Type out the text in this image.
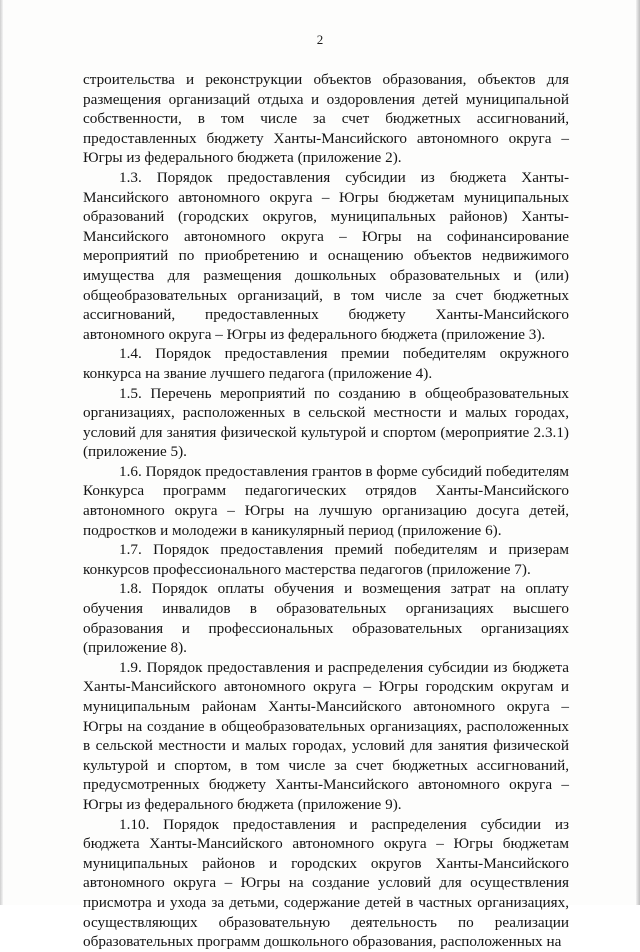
2

строительства и реконструкции объектов образования, объектов для размещения организаций отдыха и оздоровления детей муниципальной собственности, в том числе за счет бюджетных ассигнований, предоставленных бюджету Ханты-Мансийского автономного округа – Югры из федерального бюджета (приложение 2).

1.3. Порядок предоставления субсидии из бюджета Ханты-Мансийского автономного округа – Югры бюджетам муниципальных образований (городских округов, муниципальных районов) Ханты-Мансийского автономного округа – Югры на софинансирование мероприятий по приобретению и оснащению объектов недвижимого имущества для размещения дошкольных образовательных и (или) общеобразовательных организаций, в том числе за счет бюджетных ассигнований, предоставленных бюджету Ханты-Мансийского автономного округа – Югры из федерального бюджета (приложение 3).

1.4. Порядок предоставления премии победителям окружного конкурса на звание лучшего педагога (приложение 4).

1.5. Перечень мероприятий по созданию в общеобразовательных организациях, расположенных в сельской местности и малых городах, условий для занятия физической культурой и спортом (мероприятие 2.3.1) (приложение 5).

1.6. Порядок предоставления грантов в форме субсидий победителям Конкурса программ педагогических отрядов Ханты-Мансийского автономного округа – Югры на лучшую организацию досуга детей, подростков и молодежи в каникулярный период (приложение 6).

1.7. Порядок предоставления премий победителям и призерам конкурсов профессионального мастерства педагогов (приложение 7).

1.8. Порядок оплаты обучения и возмещения затрат на оплату обучения инвалидов в образовательных организациях высшего образования и профессиональных образовательных организациях (приложение 8).

1.9. Порядок предоставления и распределения субсидии из бюджета Ханты-Мансийского автономного округа – Югры городским округам и муниципальным районам Ханты-Мансийского автономного округа – Югры на создание в общеобразовательных организациях, расположенных в сельской местности и малых городах, условий для занятия физической культурой и спортом, в том числе за счет бюджетных ассигнований, предусмотренных бюджету Ханты-Мансийского автономного округа – Югры из федерального бюджета (приложение 9).

1.10. Порядок предоставления и распределения субсидии из бюджета Ханты-Мансийского автономного округа – Югры бюджетам муниципальных районов и городских округов Ханты-Мансийского автономного округа – Югры на создание условий для осуществления присмотра и ухода за детьми, содержание детей в частных организациях, осуществляющих образовательную деятельность по реализации образовательных программ дошкольного образования, расположенных на
